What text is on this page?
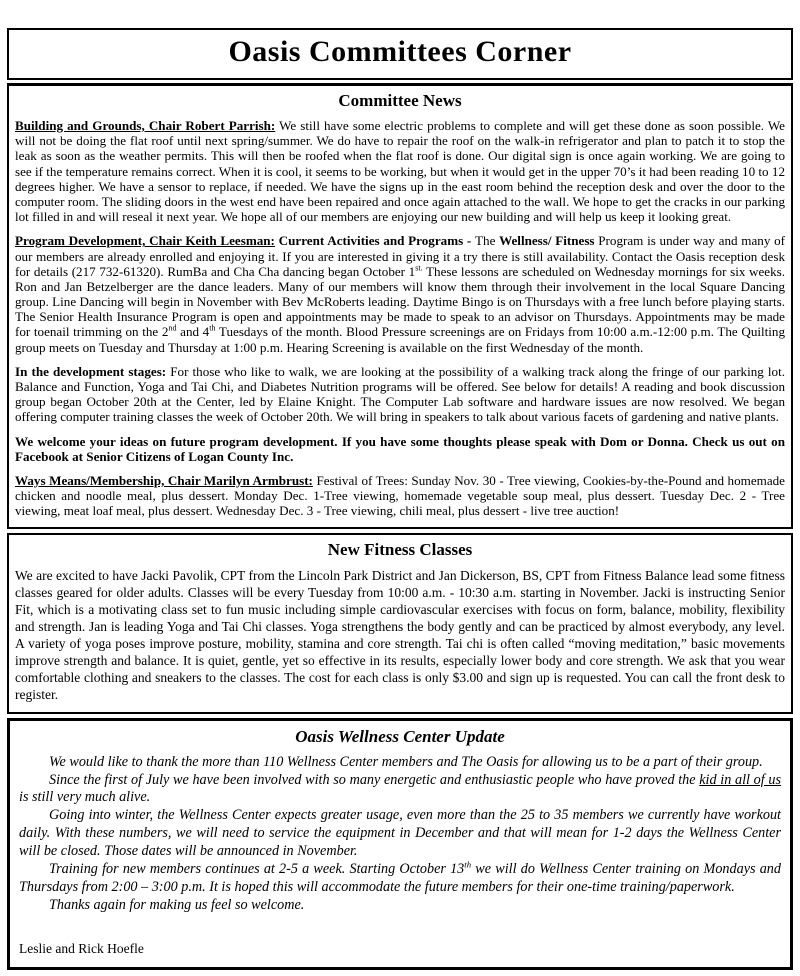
Oasis Committees Corner
Committee News

Building and Grounds, Chair Robert Parrish: We still have some electric problems to complete and will get these done as soon possible. We will not be doing the flat roof until next spring/summer. We do have to repair the roof on the walk-in refrigerator and plan to patch it to stop the leak as soon as the weather permits. This will then be roofed when the flat roof is done. Our digital sign is once again working. We are going to see if the temperature remains correct. When it is cool, it seems to be working, but when it would get in the upper 70’s it had been reading 10 to 12 degrees higher. We have a sensor to replace, if needed. We have the signs up in the east room behind the reception desk and over the door to the computer room. The sliding doors in the west end have been repaired and once again attached to the wall. We hope to get the cracks in our parking lot filled in and will reseal it next year. We hope all of our members are enjoying our new building and will help us keep it looking great.

Program Development, Chair Keith Leesman: Current Activities and Programs - The Wellness/ Fitness Program is under way and many of our members are already enrolled and enjoying it. If you are interested in giving it a try there is still availability. Contact the Oasis reception desk for details (217 732-61320). RumBa and Cha Cha dancing began October $1^{st.}$ These lessons are scheduled on Wednesday mornings for six weeks. Ron and Jan Betzelberger are the dance leaders. Many of our members will know them through their involvement in the local Square Dancing group. Line Dancing will begin in November with Bev McRoberts leading. Daytime Bingo is on Thursdays with a free lunch before playing starts. The Senior Health Insurance Program is open and appointments may be made to speak to an advisor on Thursdays. Appointments may be made for toenail trimming on the 2nd and 4th Tuesdays of the month. Blood Pressure screenings are on Fridays from 10:00 a.m.-12:00 p.m. The Quilting group meets on Tuesday and Thursday at 1:00 p.m. Hearing Screening is available on the first Wednesday of the month.

In the development stages: For those who like to walk, we are looking at the possibility of a walking track along the fringe of our parking lot. Balance and Function, Yoga and Tai Chi, and Diabetes Nutrition programs will be offered. See below for details! A reading and book discussion group began October 20th at the Center, led by Elaine Knight. The Computer Lab software and hardware issues are now resolved. We began offering computer training classes the week of October 20th. We will bring in speakers to talk about various facets of gardening and native plants.

We welcome your ideas on future program development. If you have some thoughts please speak with Dom or Donna. Check us out on Facebook at Senior Citizens of Logan County Inc.

Ways Means/Membership, Chair Marilyn Armbrust: Festival of Trees: Sunday Nov. 30 - Tree viewing, Cookies-by-the-Pound and homemade chicken and noodle meal, plus dessert. Monday Dec. 1-Tree viewing, homemade vegetable soup meal, plus dessert. Tuesday Dec. 2 - Tree viewing, meat loaf meal, plus dessert. Wednesday Dec. 3 - Tree viewing, chili meal, plus dessert - live tree auction!

New Fitness Classes

We are excited to have Jacki Pavolik, CPT from the Lincoln Park District and Jan Dickerson, BS, CPT from Fitness Balance lead some fitness classes geared for older adults. Classes will be every Tuesday from 10:00 a.m. - 10:30 a.m. starting in November. Jacki is instructing Senior Fit, which is a motivating class set to fun music including simple cardiovascular exercises with focus on form, balance, mobility, flexibility and strength. Jan is leading Yoga and Tai Chi classes. Yoga strengthens the body gently and can be practiced by almost everybody, any level. A variety of yoga poses improve posture, mobility, stamina and core strength. Tai chi is often called “moving meditation,” basic movements improve strength and balance. It is quiet, gentle, yet so effective in its results, especially lower body and core strength. We ask that you wear comfortable clothing and sneakers to the classes. The cost for each class is only $3.00 and sign up is requested. You can call the front desk to register.

Oasis Wellness Center Update

We would like to thank the more than 110 Wellness Center members and The Oasis for allowing us to be a part of their group.

Since the first of July we have been involved with so many energetic and enthusiastic people who have proved the kid in all of us is still very much alive.

Going into winter, the Wellness Center expects greater usage, even more than the 25 to 35 members we currently have workout daily. With these numbers, we will need to service the equipment in December and that will mean for 1-2 days the Wellness Center will be closed. Those dates will be announced in November.

Training for new members continues at 2-5 a week. Starting October 13th we will do Wellness Center training on Mondays and Thursdays from 2:00 – 3:00 p.m. It is hoped this will accommodate the future members for their one-time training/paperwork.

Thanks again for making us feel so welcome.

Leslie and Rick Hoefle
